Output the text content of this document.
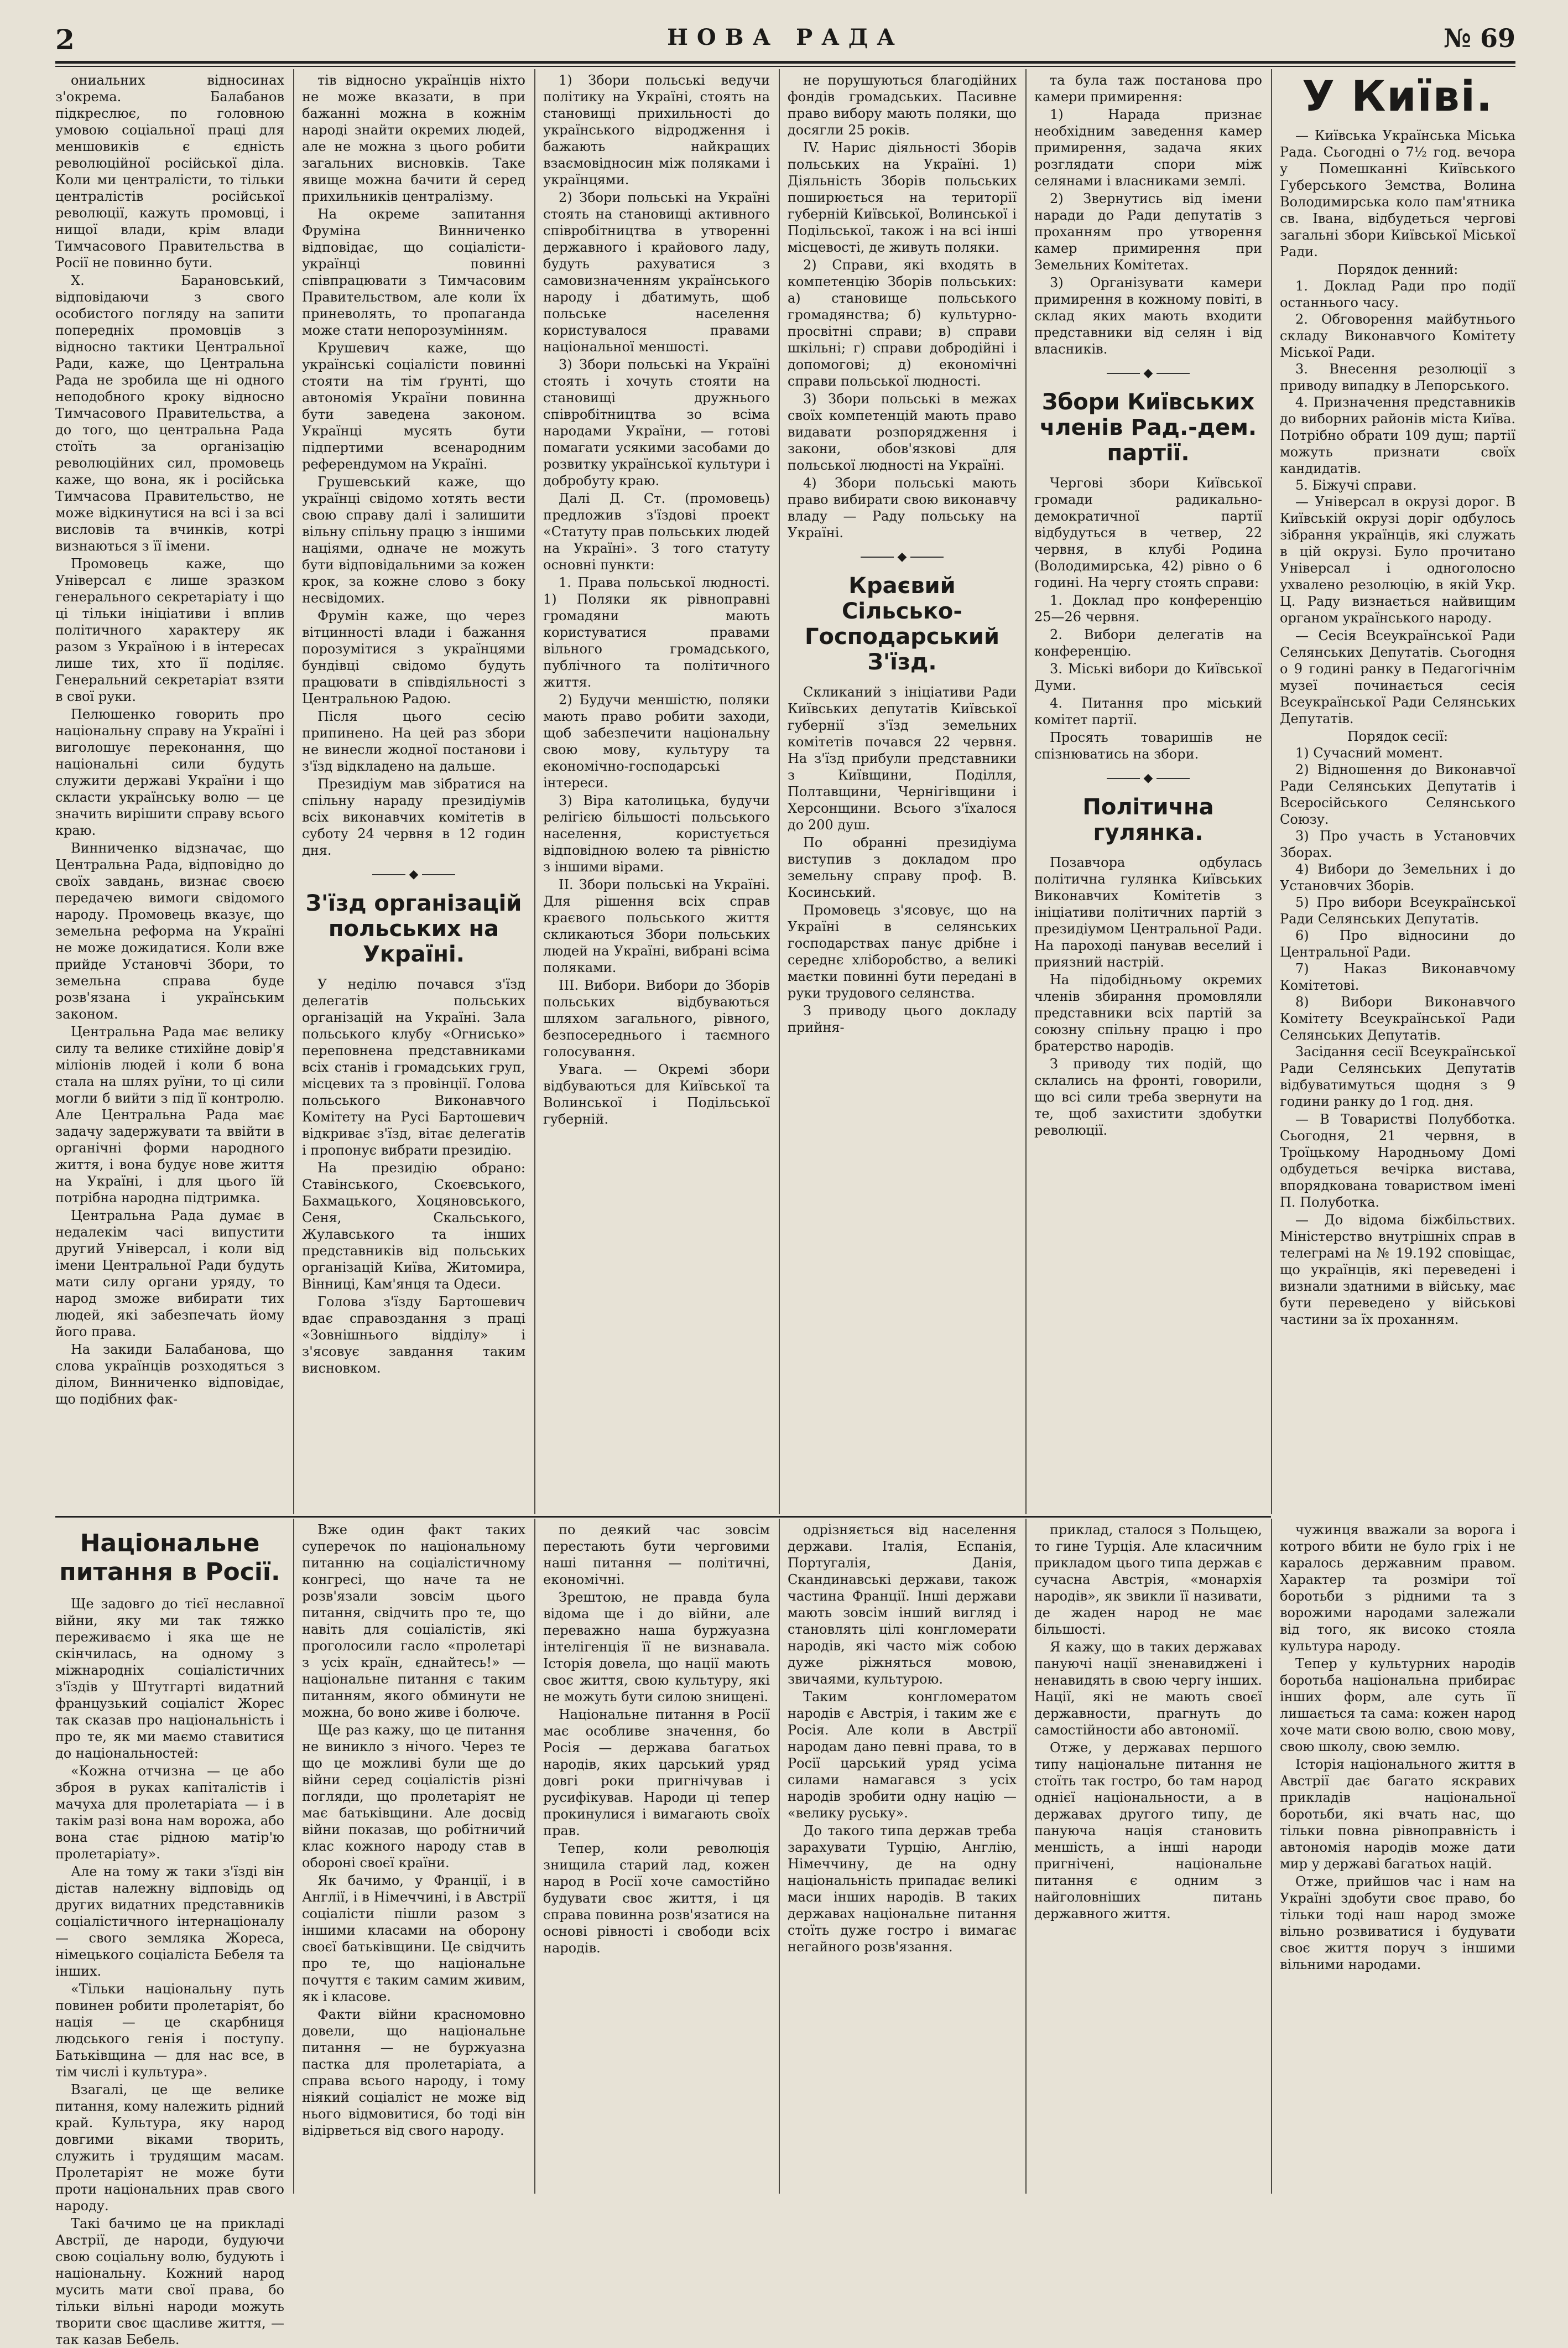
2	НОВА РАДА	№ 69

ониальних відносинах з'окрема. Балабанов підкреслює, по головною умовою соціальної праці для меншовиків є єдність революційної російської діла. Коли ми централісти, то тільки централістів російської революції, кажуть промовці, і нищої влади, крім влади Тимчасового Правительства в Росії не повинно бути.

Х. Барановський, відповідаючи з свого особистого погляду на запити попередніх промовців з відносно тактики Центральної Ради, каже, що Центральна Рада не зробила ще ні одного неподобного кроку відносно Тимчасового Правительства, а до того, що центральна Рада стоїть за організацію революційних сил, промовець каже, що вона, як і російська Тимчасова Правительство, не може відкинутися на всі і за всі висловів та вчинків, котрі визнаються з її імени.

Промовець каже, що Універсал є лише зразком генерального секретаріату і що ці тільки ініціативи і вплив політичного характеру як разом з Україною і в інтересах лише тих, хто її поділяє. Генеральний секретаріат взяти в свої руки.

Пелюшенко говорить про національну справу на Україні і виголошує переконання, що національні сили будуть служити державі України і що скласти українську волю — це значить вирішити справу всього краю.

Винниченко відзначає, що Центральна Рада, відповідно до своїх завдань, визнає своєю передачею вимоги свідомого народу. Промовець вказує, що земельна реформа на Україні не може дожидатися. Коли вже прийде Установчі Збори, то земельна справа буде розв'язана і українським законом.

Центральна Рада має велику силу та велике стихійне довір'я міліонів людей і коли б вона стала на шлях руїни, то ці сили могли б вийти з під її контролю. Але Центральна Рада має задачу задержувати та ввійти в органічні форми народного життя, і вона будує нове життя на Україні, і для цього їй потрібна народна підтримка.

Центральна Рада думає в недалекім часі випустити другий Універсал, і коли від імени Центральної Ради будуть мати силу органи уряду, то народ зможе вибирати тих людей, які забезпечать йому його права.

На закиди Балабанова, що слова українців розходяться з ділом, Винниченко відповідає, що подібних фак-

тів відносно українців ніхто не може вказати, в при бажанні можна в кожнім народі знайти окремих людей, але не можна з цього робити загальних висновків. Таке явище можна бачити й серед прихильників централізму.

На окреме запитання Фруміна Винниченко відповідає, що соціалісти-українці повинні співпрацювати з Тимчасовим Правительством, але коли їх приневолять, то пропаганда може стати непорозумінням.

Крушевич каже, що українські соціалісти повинні стояти на тім ґрунті, що автономія України повинна бути заведена законом. Українці мусять бути підпертими всенародним референдумом на Україні.

Грушевський каже, що українці свідомо хотять вести свою справу далі і залишити вільну спільну працю з іншими націями, одначе не можуть бути відповідальними за кожен крок, за кожне слово з боку несвідомих.

Фрумін каже, що через вітцинності влади і бажання порозумітися з українцями бундівці свідомо будуть працювати в співдіяльності з Центральною Радою.

Після цього сесію припинено. На цей раз збори не винесли жодної постанови і з'їзд відкладено на дальше.

Президіум мав зібратися на спільну нараду президіумів всіх виконавчих комітетів в суботу 24 червня в 12 годин дня.

◆
З'їзд організацій польських на Україні.

У неділю почався з'їзд делегатів польських організацій на Україні. Зала польського клубу «Огнисько» переповнена представниками всіх станів і громадських груп, місцевих та з провінції. Голова польського Виконавчого Комітету на Русі Бартошевич відкриває з'їзд, вітає делегатів і пропонує вибрати президію.

На президію обрано: Ставінського, Скоєвського, Бахмацького, Хоцяновського, Сеня, Скальського, Жулавського та інших представників від польських організацій Київа, Житомира, Вінниці, Кам'янця та Одеси.

Голова з'їзду Бартошевич вдає справоздання з праці «Зовнішнього відділу» і з'ясовує завдання таким висновком.

1) Збори польські ведучи політику на Україні, стоять на становищі прихильності до українського відродження і бажають найкращих взаємовідносин між поляками і українцями.

2) Збори польські на Україні стоять на становищі активного співробітництва в утворенні державного і крайового ладу, будуть рахуватися з самовизначенням українського народу і дбатимуть, щоб польське населення користувалося правами національної меншості.

3) Збори польські на Україні стоять і хочуть стояти на становищі дружнього співробітництва зо всіма народами України, — готові помагати усякими засобами до розвитку української культури і добробуту краю.

Далі Д. Ст. (промовець) предложив з'їздові проект «Статуту прав польських людей на Україні». З того статуту основні пункти:

1. Права польської людності. 1) Поляки як рівноправні громадяни мають користуватися правами вільного громадського, публічного та політичного життя.

2) Будучи меншістю, поляки мають право робити заходи, щоб забезпечити національну свою мову, культуру та економічно-господарські інтереси.

3) Віра католицька, будучи релігією більшості польського населення, користується відповідною волею та рівністю з іншими вірами.

II. Збори польські на Україні. Для рішення всіх справ краєвого польського життя скликаються Збори польських людей на Україні, вибрані всіма поляками.

III. Вибори. Вибори до Зборів польських відбуваються шляхом загального, рівного, безпосереднього і таємного голосування.

Увага. — Окремі збори відбуваються для Київської та Волинської і Подільської губерній.

не порушуються благодійних фондів громадських. Пасивне право вибору мають поляки, що досягли 25 років.

IV. Нарис діяльності Зборів польських на Україні. 1) Діяльність Зборів польських поширюється на території губерній Київської, Волинської і Подільської, також і на всі інші місцевості, де живуть поляки.

2) Справи, які входять в компетенцію Зборів польських: а) становище польського громадянства; б) культурно-просвітні справи; в) справи шкільні; г) справи добродійні і допомогові; д) економічні справи польської людності.

3) Збори польські в межах своїх компетенцій мають право видавати розпорядження і закони, обов'язкові для польської людності на Україні.

4) Збори польські мають право вибирати свою виконавчу владу — Раду польську на Україні.

◆
Краєвий Сільсько-Господарський З'їзд.

Скликаний з ініціативи Ради Київських депутатів Київської губернії з'їзд земельних комітетів почався 22 червня. На з'їзд прибули представники з Київщини, Поділля, Полтавщини, Чернігівщини і Херсонщини. Всього з'їхалося до 200 душ.

По обранні президіума виступив з докладом про земельну справу проф. В. Косинський.

Промовець з'ясовує, що на Україні в селянських господарствах панує дрібне і середнє хліборобство, а великі маєтки повинні бути передані в руки трудового селянства.

З приводу цього докладу прийня-

та була таж постанова про камери примирення:

1) Нарада признає необхідним заведення камер примирення, задача яких розглядати спори між селянами і власниками землі.

2) Звернутись від імени наради до Ради депутатів з проханням про утворення камер примирення при Земельних Комітетах.

3) Організувати камери примирення в кожному повіті, в склад яких мають входити представники від селян і від власників.

◆
Збори Київських членів Рад.-дем. партії.

Чергові збори Київської громади радикально-демократичної партії відбудуться в четвер, 22 червня, в клубі Родина (Володимирська, 42) рівно о 6 годині. На чергу стоять справи:

1. Доклад про конференцію 25—26 червня.

2. Вибори делегатів на конференцію.

3. Міські вибори до Київської Думи.

4. Питання про міський комітет партії.

Просять товаришів не спізнюватись на збори.

◆
Політична гулянка.

Позавчора одбулась політична гулянка Київських Виконавчих Комітетів з ініціативи політичних партій з президіумом Центральної Ради. На пароході панував веселий і приязний настрій.

На підобідньому окремих членів збирання промовляли представники всіх партій за союзну спільну працю і про братерство народів.

З приводу тих подій, що склались на фронті, говорили, що всі сили треба звернути на те, щоб захистити здобутки революції.

У Київі.

— Київська Українська Міська Рада. Сьогодні о 7½ год. вечора у Помешканні Київського Губерського Земства, Волина Володимирська коло пам'ятника св. Івана, відбудеться чергові загальні збори Київської Міської Ради.

Порядок денний:
1. Доклад Ради про події останнього часу.
2. Обговорення майбутнього складу Виконавчого Комітету Міської Ради.
3. Внесення резолюції з приводу випадку в Лепорського.
4. Призначення представників до виборних районів міста Київа. Потрібно обрати 109 душ; партії можуть признати своїх кандидатів.
5. Біжучі справи.

— Універсал в окрузі дорог. В Київській окрузі доріг одбулось зібрання українців, які служать в цій окрузі. Було прочитано Універсал і одноголосно ухвалено резолюцію, в якій Укр. Ц. Раду визнається найвищим органом українського народу.

— Сесія Всеукраїнської Ради Селянських Депутатів. Сьогодня о 9 годині ранку в Педагогічнім музеї починається сесія Всеукраїнської Ради Селянських Депутатів.

Порядок сесії:
1) Сучасний момент.
2) Відношення до Виконавчої Ради Селянських Депутатів і Всеросійського Селянського Союзу.
3) Про участь в Установчих Зборах.
4) Вибори до Земельних і до Установчих Зборів.
5) Про вибори Всеукраїнської Ради Селянських Депутатів.
6) Про відносини до Центральної Ради.
7) Наказ Виконавчому Комітетові.
8) Вибори Виконавчого Комітету Всеукраїнської Ради Селянських Депутатів.

Засідання сесії Всеукраїнської Ради Селянських Депутатів відбуватимуться щодня з 9 години ранку до 1 год. дня.

— В Товаристві Полубботка. Сьогодня, 21 червня, в Троїцькому Народньому Домі одбудеться вечірка вистава, впорядкована товариством імені П. Полуботка.

— До відома біжбільствих. Міністерство внутрішніх справ в телеграмі на № 19.192 сповіщає, що українців, які переведені і визнали здатними в війську, має бути переведено у військові частини за їх проханням.

Національне питання в Росії.

Ще задовго до тієї неславної війни, яку ми так тяжко переживаємо і яка ще не скінчилась, на одному з міжнародніх соціалістичних з'їздів у Штутгарті видатний французький соціаліст Жорес так сказав про національність і про те, як ми маємо ставитися до національностей:

«Кожна отчизна — це або зброя в руках капіталістів і мачуха для пролетаріата — і в такім разі вона нам ворожа, або вона стає рідною матір'ю пролетаріату».

Але на тому ж таки з'їзді він дістав належну відповідь од других видатних представників соціалістичного інтернаціоналу — свого земляка Жореса, німецького соціаліста Бебеля та інших.

«Тільки національну путь повинен робити пролетаріят, бо нація — це скарбниця людського генія і поступу. Батьківщина — для нас все, в тім числі і культура».

Взагалі, це ще велике питання, кому належить рідний край. Культура, яку народ довгими віками творить, служить і трудящим масам. Пролетаріят не може бути проти національних прав свого народу.

Такі бачимо це на прикладі Австрії, де народи, будуючи свою соціальну волю, будують і національну. Кожний народ мусить мати свої права, бо тільки вільні народи можуть творити своє щасливе життя, — так казав Бебель.

Вже один факт таких суперечок по національному питанню на соціалістичному конгресі, що наче та не розв'язали зовсім цього питання, свідчить про те, що навіть для соціалістів, які проголосили гасло «пролетарі з усіх країн, єднайтесь!» — національне питання є таким питанням, якого обминути не можна, бо воно живе і болюче.

Ще раз кажу, що це питання не виникло з нічого. Через те що це можливі були ще до війни серед соціалістів різні погляди, що пролетаріят не має батьківщини. Але досвід війни показав, що робітничий клас кожного народу став в обороні своєї країни.

Як бачимо, у Франції, і в Англії, і в Німеччині, і в Австрії соціалісти пішли разом з іншими класами на оборону своєї батьківщини. Це свідчить про те, що національне почуття є таким самим живим, як і класове.

Факти війни красномовно довели, що національне питання — не буржуазна пастка для пролетаріата, а справа всього народу, і тому ніякий соціаліст не може від нього відмовитися, бо тоді він відірветься від свого народу.

по деякий час зовсім перестають бути черговими наші питання — політичні, економічні.

Зрештою, не правда була відома ще і до війни, але переважно наша буржуазна інтелігенція її не визнавала. Історія довела, що нації мають своє життя, свою культуру, які не можуть бути силою знищені.

Національне питання в Росії має особливе значення, бо Росія — держава багатьох народів, яких царський уряд довгі роки пригнічував і русифікував. Народи ці тепер прокинулися і вимагають своїх прав.

Тепер, коли революція знищила старий лад, кожен народ в Росії хоче самостійно будувати своє життя, і ця справа повинна розв'язатися на основі рівності і свободи всіх народів.

одрізняється від населення держави. Італія, Еспанія, Португалія, Данія, Скандинавські держави, також частина Франції. Інші держави мають зовсім інший вигляд і становлять цілі конгломерати народів, які часто між собою дуже ріжняться мовою, звичаями, культурою.

Таким конгломератом народів є Австрія, і таким же є Росія. Але коли в Австрії народам дано певні права, то в Росії царський уряд усіма силами намагався з усіх народів зробити одну націю — «велику руську».

До такого типа держав треба зарахувати Турцію, Англію, Німеччину, де на одну національність припадає великі маси інших народів. В таких державах національне питання стоїть дуже гостро і вимагає негайного розв'язання.

приклад, сталося з Польщею, то гине Турція. Але класичним прикладом цього типа держав є сучасна Австрія, «монархія народів», як звикли її називати, де жаден народ не має більшості.

Я кажу, що в таких державах пануючі нації зненавиджені і ненавидять в свою чергу інших. Нації, які не мають своєї державности, прагнуть до самостійности або автономії.

Отже, у державах першого типу національне питання не стоїть так гостро, бо там народ однієї національности, а в державах другого типу, де пануюча нація становить меншість, а інші народи пригнічені, національне питання є одним з найголовніших питань державного життя.

чужинця вважали за ворога і котрого вбити не було гріх і не каралось державним правом. Характер та розміри тої боротьби з рідними та з ворожими народами залежали від того, як високо стояла культура народу.

Тепер у культурних народів боротьба національна прибирає інших форм, але суть її лишається та сама: кожен народ хоче мати свою волю, свою мову, свою школу, свою землю.

Історія національного життя в Австрії дає багато яскравих прикладів національної боротьби, які вчать нас, що тільки повна рівноправність і автономія народів може дати мир у державі багатьох націй.

Отже, прийшов час і нам на Україні здобути своє право, бо тільки тоді наш народ зможе вільно розвиватися і будувати своє життя поруч з іншими вільними народами.
